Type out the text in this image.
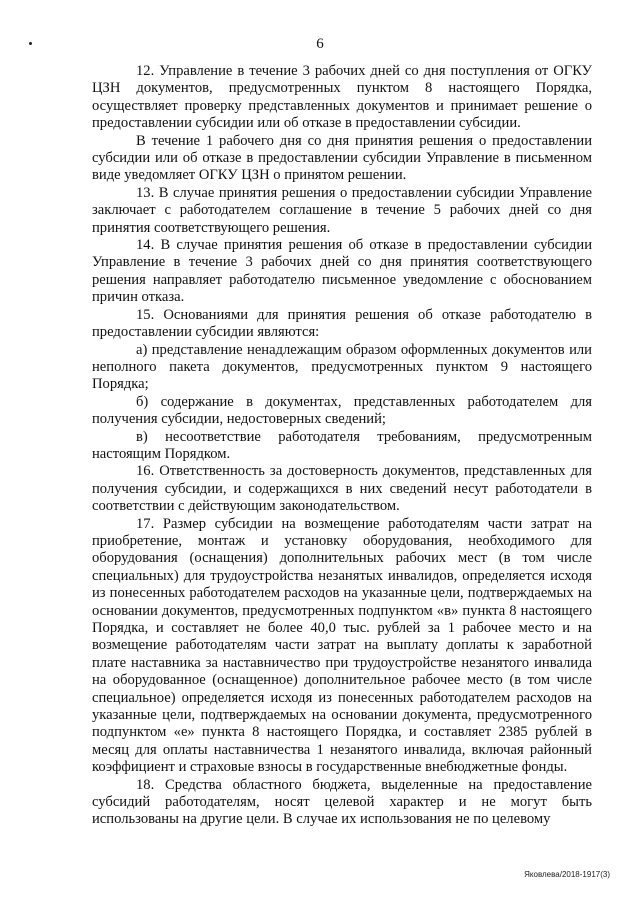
6

12. Управление в течение 3 рабочих дней со дня поступления от ОГКУ ЦЗН документов, предусмотренных пунктом 8 настоящего Порядка, осуществляет проверку представленных документов и принимает решение о предоставлении субсидии или об отказе в предоставлении субсидии.

В течение 1 рабочего дня со дня принятия решения о предоставлении субсидии или об отказе в предоставлении субсидии Управление в письменном виде уведомляет ОГКУ ЦЗН о принятом решении.

13. В случае принятия решения о предоставлении субсидии Управление заключает с работодателем соглашение в течение 5 рабочих дней со дня принятия соответствующего решения.

14. В случае принятия решения об отказе в предоставлении субсидии Управление в течение 3 рабочих дней со дня принятия соответствующего решения направляет работодателю письменное уведомление с обоснованием причин отказа.

15. Основаниями для принятия решения об отказе работодателю в предоставлении субсидии являются:

а) представление ненадлежащим образом оформленных документов или неполного пакета документов, предусмотренных пунктом 9 настоящего Порядка;

б) содержание в документах, представленных работодателем для получения субсидии, недостоверных сведений;

в) несоответствие работодателя требованиям, предусмотренным настоящим Порядком.

16. Ответственность за достоверность документов, представленных для получения субсидии, и содержащихся в них сведений несут работодатели в соответствии с действующим законодательством.

17. Размер субсидии на возмещение работодателям части затрат на приобретение, монтаж и установку оборудования, необходимого для оборудования (оснащения) дополнительных рабочих мест (в том числе специальных) для трудоустройства незанятых инвалидов, определяется исходя из понесенных работодателем расходов на указанные цели, подтверждаемых на основании документов, предусмотренных подпунктом «в» пункта 8 настоящего Порядка, и составляет не более 40,0 тыс. рублей за 1 рабочее место и на возмещение работодателям части затрат на выплату доплаты к заработной плате наставника за наставничество при трудоустройстве незанятого инвалида на оборудованное (оснащенное) дополнительное рабочее место (в том числе специальное) определяется исходя из понесенных работодателем расходов на указанные цели, подтверждаемых на основании документа, предусмотренного подпунктом «е» пункта 8 настоящего Порядка, и составляет 2385 рублей в месяц для оплаты наставничества 1 незанятого инвалида, включая районный коэффициент и страховые взносы в государственные внебюджетные фонды.

18. Средства областного бюджета, выделенные на предоставление субсидий работодателям, носят целевой характер и не могут быть использованы на другие цели. В случае их использования не по целевому

Яковлева/2018-1917(3)
